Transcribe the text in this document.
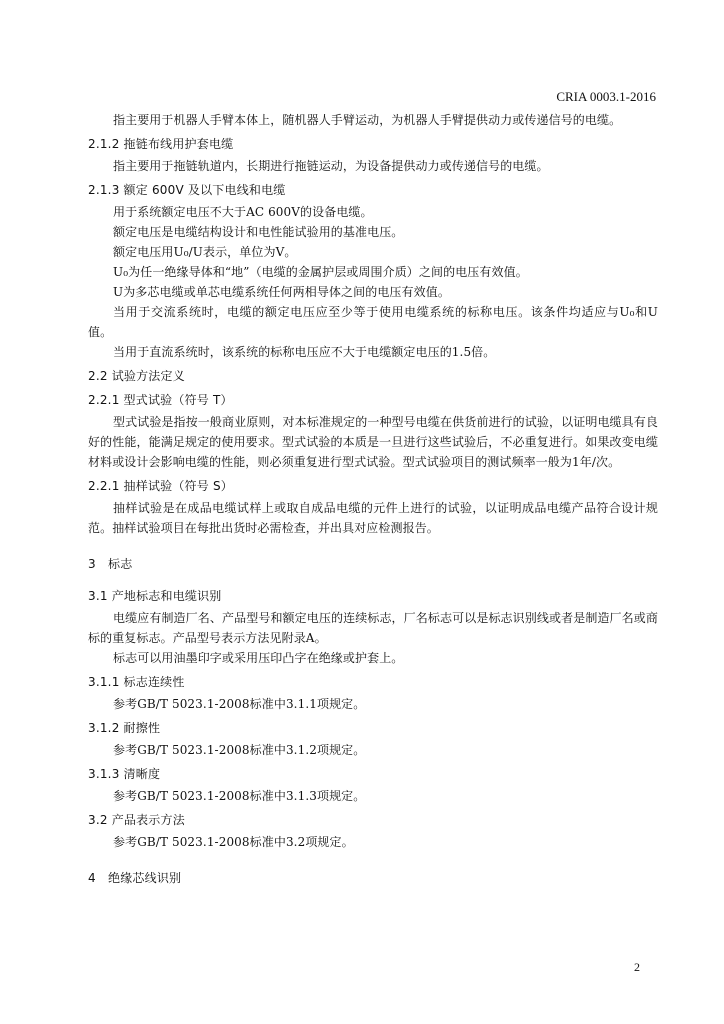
CRIA 0003.1-2016

指主要用于机器人手臂本体上，随机器人手臂运动，为机器人手臂提供动力或传递信号的电缆。

2.1.2 拖链布线用护套电缆

指主要用于拖链轨道内，长期进行拖链运动，为设备提供动力或传递信号的电缆。

2.1.3 额定 600V 及以下电线和电缆

用于系统额定电压不大于AC 600V的设备电缆。

额定电压是电缆结构设计和电性能试验用的基准电压。

额定电压用U₀/U表示，单位为V。

U₀为任一绝缘导体和“地”（电缆的金属护层或周围介质）之间的电压有效值。

U为多芯电缆或单芯电缆系统任何两相导体之间的电压有效值。

当用于交流系统时，电缆的额定电压应至少等于使用电缆系统的标称电压。该条件均适应与U₀和U值。

当用于直流系统时，该系统的标称电压应不大于电缆额定电压的1.5倍。

2.2 试验方法定义
2.2.1 型式试验（符号 T）

型式试验是指按一般商业原则，对本标准规定的一种型号电缆在供货前进行的试验，以证明电缆具有良好的性能，能满足规定的使用要求。型式试验的本质是一旦进行这些试验后，不必重复进行。如果改变电缆材料或设计会影响电缆的性能，则必须重复进行型式试验。型式试验项目的测试频率一般为1年/次。

2.2.1 抽样试验（符号 S）

抽样试验是在成品电缆试样上或取自成品电缆的元件上进行的试验，以证明成品电缆产品符合设计规范。抽样试验项目在每批出货时必需检查，并出具对应检测报告。

3　标志
3.1 产地标志和电缆识别

电缆应有制造厂名、产品型号和额定电压的连续标志，厂名标志可以是标志识别线或者是制造厂名或商标的重复标志。产品型号表示方法见附录A。

标志可以用油墨印字或采用压印凸字在绝缘或护套上。

3.1.1 标志连续性

参考GB/T 5023.1-2008标准中3.1.1项规定。

3.1.2 耐擦性

参考GB/T 5023.1-2008标准中3.1.2项规定。

3.1.3 清晰度

参考GB/T 5023.1-2008标准中3.1.3项规定。

3.2 产品表示方法

参考GB/T 5023.1-2008标准中3.2项规定。

4　绝缘芯线识别
2
